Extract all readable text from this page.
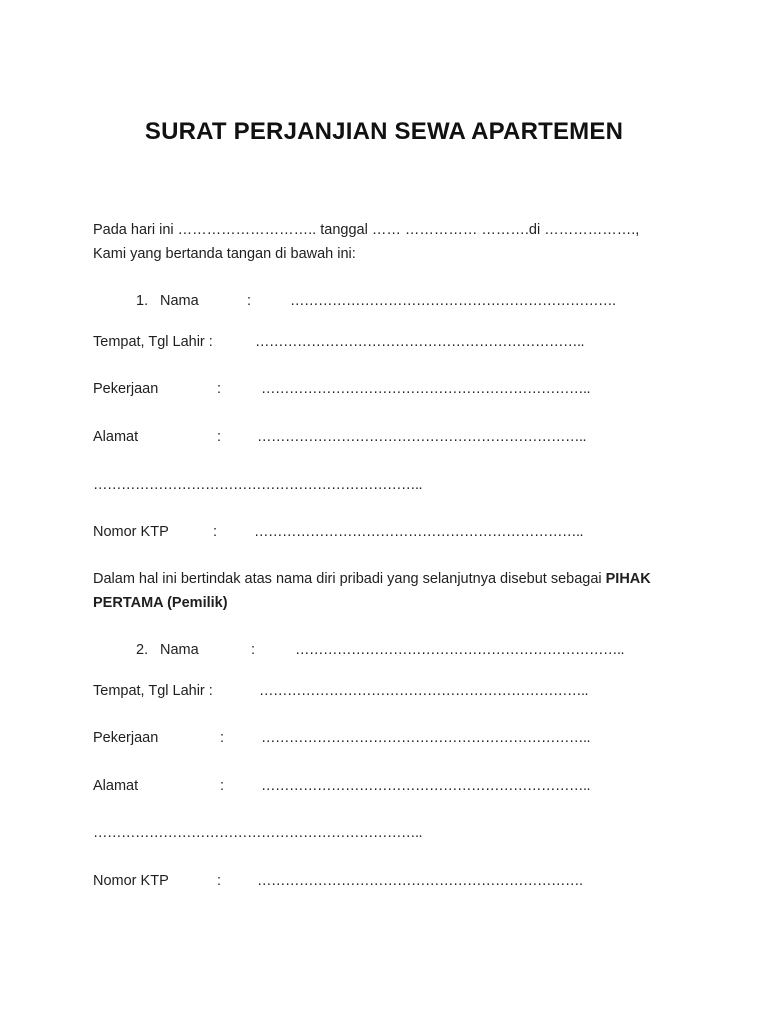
SURAT PERJANJIAN SEWA APARTEMEN
Pada hari ini ……………………….. tanggal …… …………… ……….di ………………., Kami yang bertanda tangan di bawah ini:
1. Nama	:	…………………………………………………………….
Tempat, Tgl Lahir :	……………………………………………………………..
Pekerjaan	:	……………………………………………………………..
Alamat	: ……………………………………………………………..
……………………………………………………………..
Nomor KTP	:	……………………………………………………………..
Dalam hal ini bertindak atas nama diri pribadi yang selanjutnya disebut sebagai PIHAK PERTAMA (Pemilik)
2. Nama	:	……………………………………………………………..
Tempat, Tgl Lahir :	……………………………………………………………..
Pekerjaan	:	……………………………………………………………..
Alamat	:	……………………………………………………………..
……………………………………………………………..
Nomor KTP	: …………………………………………………………….
